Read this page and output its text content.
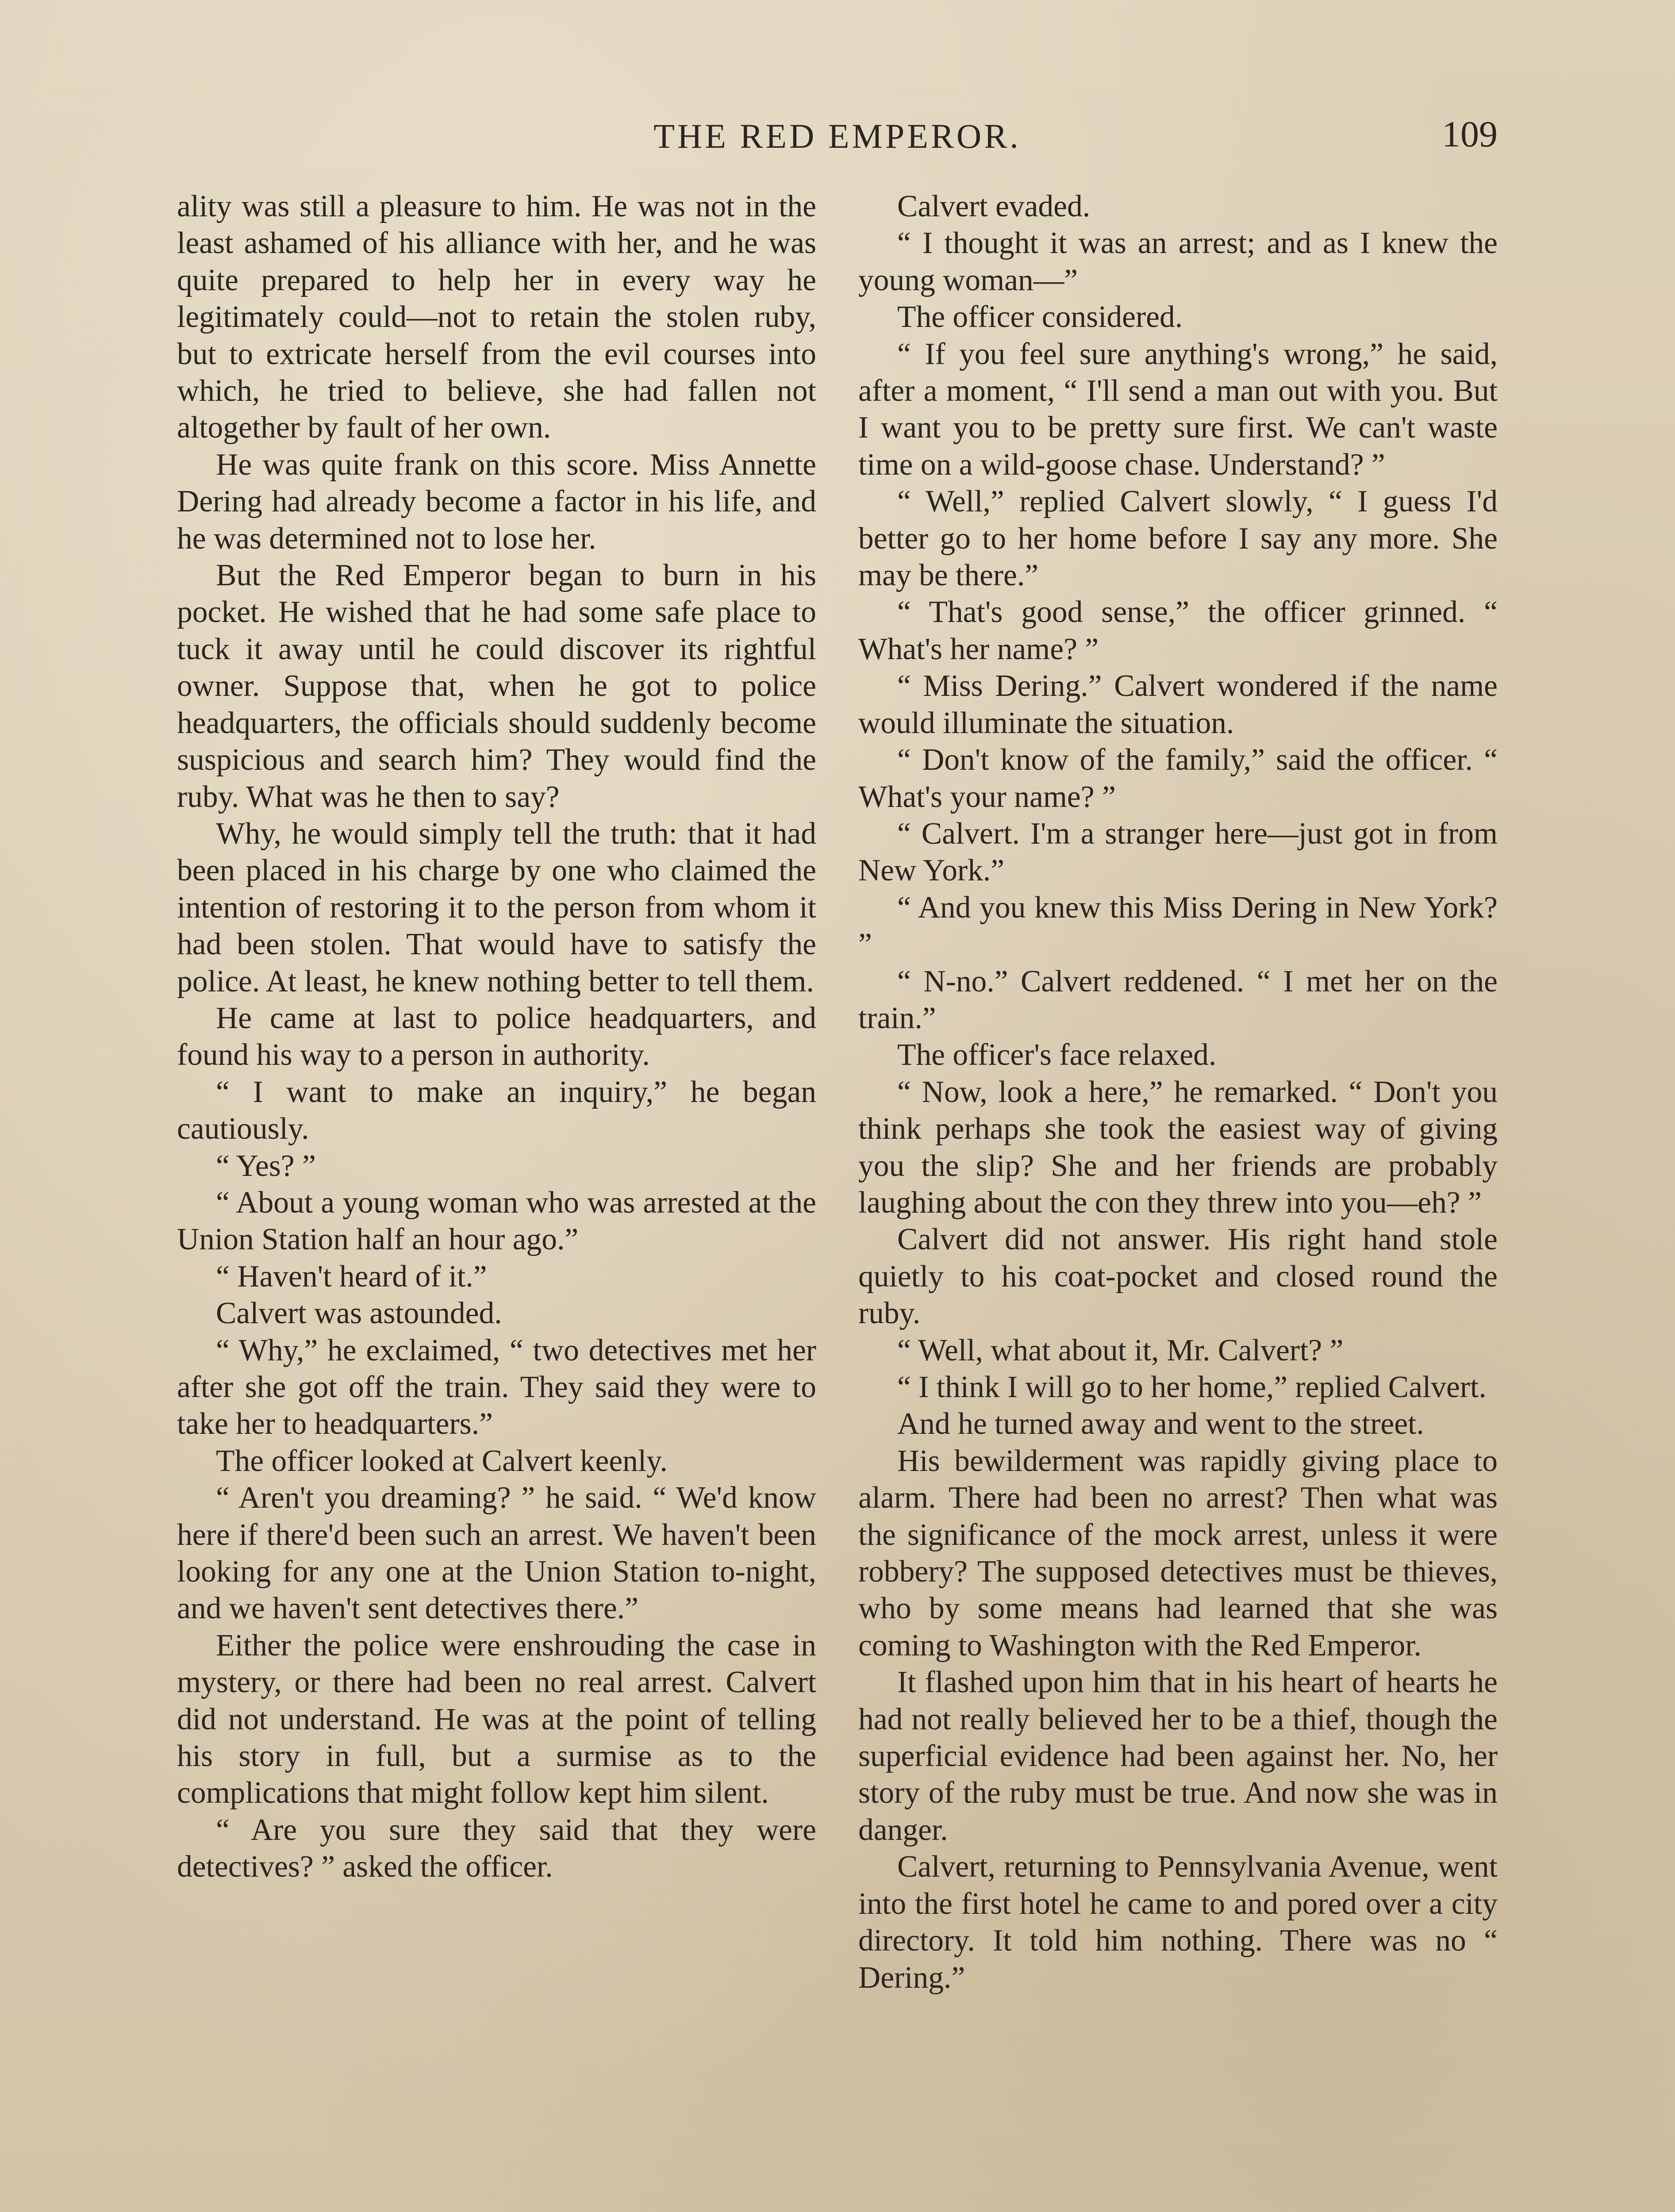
THE RED EMPEROR.	109

ality was still a pleasure to him. He was not in the least ashamed of his alliance with her, and he was quite prepared to help her in every way he legitimately could—not to retain the stolen ruby, but to extricate herself from the evil courses into which, he tried to believe, she had fallen not altogether by fault of her own.

He was quite frank on this score. Miss Annette Dering had already become a factor in his life, and he was determined not to lose her.

But the Red Emperor began to burn in his pocket. He wished that he had some safe place to tuck it away until he could discover its rightful owner. Suppose that, when he got to police headquarters, the officials should suddenly become suspicious and search him? They would find the ruby. What was he then to say?

Why, he would simply tell the truth: that it had been placed in his charge by one who claimed the intention of restoring it to the person from whom it had been stolen. That would have to satisfy the police. At least, he knew nothing better to tell them.

He came at last to police headquarters, and found his way to a person in authority.

“ I want to make an inquiry,” he began cautiously.

“ Yes? ”

“ About a young woman who was arrested at the Union Station half an hour ago.”

“ Haven't heard of it.”

Calvert was astounded.

“ Why,” he exclaimed, “ two detectives met her after she got off the train. They said they were to take her to headquarters.”

The officer looked at Calvert keenly.

“ Aren't you dreaming? ” he said. “ We'd know here if there'd been such an arrest. We haven't been looking for any one at the Union Station to-night, and we haven't sent detectives there.”

Either the police were enshrouding the case in mystery, or there had been no real arrest. Calvert did not understand. He was at the point of telling his story in full, but a surmise as to the complications that might follow kept him silent.

“ Are you sure they said that they were detectives? ” asked the officer.

Calvert evaded.

“ I thought it was an arrest; and as I knew the young woman—”

The officer considered.

“ If you feel sure anything's wrong,” he said, after a moment, “ I'll send a man out with you. But I want you to be pretty sure first. We can't waste time on a wild-goose chase. Understand? ”

“ Well,” replied Calvert slowly, “ I guess I'd better go to her home before I say any more. She may be there.”

“ That's good sense,” the officer grinned. “ What's her name? ”

“ Miss Dering.” Calvert wondered if the name would illuminate the situation.

“ Don't know of the family,” said the officer. “ What's your name? ”

“ Calvert. I'm a stranger here—just got in from New York.”

“ And you knew this Miss Dering in New York? ”

“ N-no.” Calvert reddened. “ I met her on the train.”

The officer's face relaxed.

“ Now, look a here,” he remarked. “ Don't you think perhaps she took the easiest way of giving you the slip? She and her friends are probably laughing about the con they threw into you—eh? ”

Calvert did not answer. His right hand stole quietly to his coat-pocket and closed round the ruby.

“ Well, what about it, Mr. Calvert? ”

“ I think I will go to her home,” replied Calvert.

And he turned away and went to the street.

His bewilderment was rapidly giving place to alarm. There had been no arrest? Then what was the significance of the mock arrest, unless it were robbery? The supposed detectives must be thieves, who by some means had learned that she was coming to Washington with the Red Emperor.

It flashed upon him that in his heart of hearts he had not really believed her to be a thief, though the superficial evidence had been against her. No, her story of the ruby must be true. And now she was in danger.

Calvert, returning to Pennsylvania Avenue, went into the first hotel he came to and pored over a city directory. It told him nothing. There was no “ Dering.”
